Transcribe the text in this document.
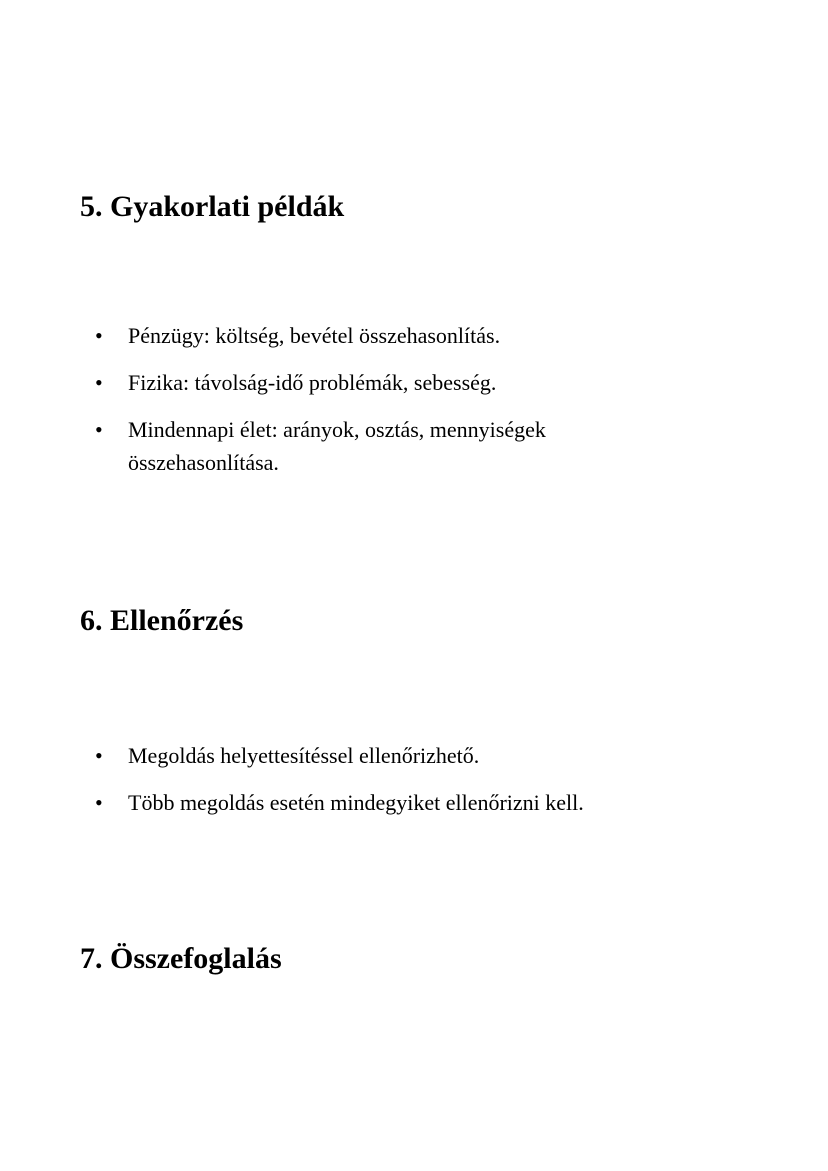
5. Gyakorlati példák
• Pénzügy: költség, bevétel összehasonlítás.
• Fizika: távolság-idő problémák, sebesség.
• Mindennapi élet: arányok, osztás, mennyiségek összehasonlítása.
6. Ellenőrzés
• Megoldás helyettesítéssel ellenőrizhető.
• Több megoldás esetén mindegyiket ellenőrizni kell.
7. Összefoglalás
